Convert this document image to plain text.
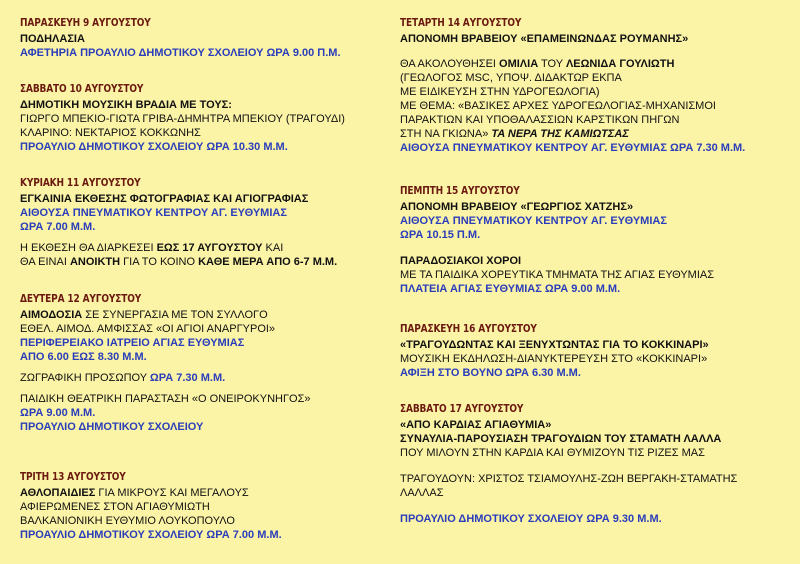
ΠΑΡΑΣΚΕΥΗ 9 ΑΥΓΟΥΣΤΟΥ
ΠΟΔΗΛΑΣΙΑ
ΑΦΕΤΗΡΙΑ ΠΡΟΑΥΛΙΟ ΔΗΜΟΤΙΚΟΥ ΣΧΟΛΕΙΟΥ ΩΡΑ 9.00 Π.Μ.
ΣΑΒΒΑΤΟ 10 ΑΥΓΟΥΣΤΟΥ
ΔΗΜΟΤΙΚΗ ΜΟΥΣΙΚΗ ΒΡΑΔΙΑ ΜΕ ΤΟΥΣ:
ΓΙΩΡΓΟ ΜΠΕΚΙΟ-ΓΙΩΤΑ ΓΡΙΒΑ-ΔΗΜΗΤΡΑ ΜΠΕΚΙΟΥ (ΤΡΑΓΟΥΔΙ)
ΚΛΑΡΙΝΟ: ΝΕΚΤΑΡΙΟΣ ΚΟΚΚΩΝΗΣ
ΠΡΟΑΥΛΙΟ ΔΗΜΟΤΙΚΟΥ ΣΧΟΛΕΙΟΥ ΩΡΑ 10.30 Μ.Μ.
ΚΥΡΙΑΚΗ 11 ΑΥΓΟΥΣΤΟΥ
ΕΓΚΑΙΝΙΑ ΕΚΘΕΣΗΣ ΦΩΤΟΓΡΑΦΙΑΣ ΚΑΙ ΑΓΙΟΓΡΑΦΙΑΣ
ΑΙΘΟΥΣΑ ΠΝΕΥΜΑΤΙΚΟΥ ΚΕΝΤΡΟΥ ΑΓ. ΕΥΘΥΜΙΑΣ
ΩΡΑ 7.00 Μ.Μ.
Η ΕΚΘΕΣΗ ΘΑ ΔΙΑΡΚΕΣΕΙ ΕΩΣ 17 ΑΥΓΟΥΣΤΟΥ ΚΑΙ
ΘΑ ΕΙΝΑΙ ΑΝΟΙΚΤΗ ΓΙΑ ΤΟ ΚΟΙΝΟ ΚΑΘΕ ΜΕΡΑ ΑΠΟ 6-7 Μ.Μ.
ΔΕΥΤΕΡΑ 12 ΑΥΓΟΥΣΤΟΥ
ΑΙΜΟΔΟΣΙΑ ΣΕ ΣΥΝΕΡΓΑΣΙΑ ΜΕ ΤΟΝ ΣΥΛΛΟΓΟ
ΕΘΕΛ. ΑΙΜΟΔ. ΑΜΦΙΣΣΑΣ «ΟΙ ΑΓΙΟΙ ΑΝΑΡΓΥΡΟΙ»
ΠΕΡΙΦΕΡΕΙΑΚΟ ΙΑΤΡΕΙΟ ΑΓΙΑΣ ΕΥΘΥΜΙΑΣ
ΑΠΟ 6.00 ΕΩΣ 8.30 Μ.Μ.
ΖΩΓΡΑΦΙΚΗ ΠΡΟΣΩΠΟΥ ΩΡΑ 7.30 Μ.Μ.
ΠΑΙΔΙΚΗ ΘΕΑΤΡΙΚΗ ΠΑΡΑΣΤΑΣΗ «Ο ΟΝΕΙΡΟΚΥΝΗΓΟΣ»
ΩΡΑ 9.00 Μ.Μ.
ΠΡΟΑΥΛΙΟ ΔΗΜΟΤΙΚΟΥ ΣΧΟΛΕΙΟΥ
ΤΡΙΤΗ 13 ΑΥΓΟΥΣΤΟΥ
ΑΘΛΟΠΑΙΔΙΕΣ ΓΙΑ ΜΙΚΡΟΥΣ ΚΑΙ ΜΕΓΑΛΟΥΣ
ΑΦΙΕΡΩΜΕΝΕΣ ΣΤΟΝ ΑΓΙΑΘΥΜΙΩΤΗ
ΒΑΛΚΑΝΙΟΝΙΚΗ ΕΥΘΥΜΙΟ ΛΟΥΚΟΠΟΥΛΟ
ΠΡΟΑΥΛΙΟ ΔΗΜΟΤΙΚΟΥ ΣΧΟΛΕΙΟΥ ΩΡΑ 7.00 Μ.Μ.
ΤΕΤΑΡΤΗ 14 ΑΥΓΟΥΣΤΟΥ
ΑΠΟΝΟΜΗ ΒΡΑΒΕΙΟΥ «ΕΠΑΜΕΙΝΩΝΔΑΣ ΡΟΥΜΑΝΗΣ»
ΘΑ ΑΚΟΛΟΥΘΗΣΕΙ ΟΜΙΛΙΑ ΤΟΥ ΛΕΩΝΙΔΑ ΓΟΥΛΙΩΤΗ
(ΓΕΩΛΟΓΟΣ MSC, ΥΠΟΨ. ΔΙΔΑΚΤΩΡ ΕΚΠΑ
ΜΕ ΕΙΔΙΚΕΥΣΗ ΣΤΗΝ ΥΔΡΟΓΕΩΛΟΓΙΑ)
ΜΕ ΘΕΜΑ: «ΒΑΣΙΚΕΣ ΑΡΧΕΣ ΥΔΡΟΓΕΩΛΟΓΙΑΣ-ΜΗΧΑΝΙΣΜΟΙ
ΠΑΡΑΚΤΙΩΝ ΚΑΙ ΥΠΟΘΑΛΑΣΣΙΩΝ ΚΑΡΣΤΙΚΩΝ ΠΗΓΩΝ
ΣΤΗ ΝΑ ΓΚΙΩΝΑ» ΤΑ ΝΕΡΑ ΤΗΣ ΚΑΜΙΩΤΣΑΣ
ΑΙΘΟΥΣΑ ΠΝΕΥΜΑΤΙΚΟΥ ΚΕΝΤΡΟΥ ΑΓ. ΕΥΘΥΜΙΑΣ ΩΡΑ 7.30 Μ.Μ.
ΠΕΜΠΤΗ 15 ΑΥΓΟΥΣΤΟΥ
ΑΠΟΝΟΜΗ ΒΡΑΒΕΙΟΥ «ΓΕΩΡΓΙΟΣ ΧΑΤΖΗΣ»
ΑΙΘΟΥΣΑ ΠΝΕΥΜΑΤΙΚΟΥ ΚΕΝΤΡΟΥ ΑΓ. ΕΥΘΥΜΙΑΣ
ΩΡΑ 10.15 Π.Μ.
ΠΑΡΑΔΟΣΙΑΚΟΙ ΧΟΡΟΙ
ΜΕ ΤΑ ΠΑΙΔΙΚΑ ΧΟΡΕΥΤΙΚΑ ΤΜΗΜΑΤΑ ΤΗΣ ΑΓΙΑΣ ΕΥΘΥΜΙΑΣ
ΠΛΑΤΕΙΑ ΑΓΙΑΣ ΕΥΘΥΜΙΑΣ ΩΡΑ 9.00 Μ.Μ.
ΠΑΡΑΣΚΕΥΗ 16 ΑΥΓΟΥΣΤΟΥ
«ΤΡΑΓΟΥΔΩΝΤΑΣ ΚΑΙ ΞΕΝΥΧΤΩΝΤΑΣ ΓΙΑ ΤΟ ΚΟΚΚΙΝΑΡΙ»
ΜΟΥΣΙΚΗ ΕΚΔΗΛΩΣΗ-ΔΙΑΝΥΚΤΕΡΕΥΣΗ ΣΤΟ «ΚΟΚΚΙΝΑΡΙ»
ΑΦΙΞΗ ΣΤΟ ΒΟΥΝΟ ΩΡΑ 6.30 Μ.Μ.
ΣΑΒΒΑΤΟ 17 ΑΥΓΟΥΣΤΟΥ
«ΑΠΟ ΚΑΡΔΙΑΣ ΑΓΙΑΘΥΜΙΑ»
ΣΥΝΑΥΛΙΑ-ΠΑΡΟΥΣΙΑΣΗ ΤΡΑΓΟΥΔΙΩΝ ΤΟΥ ΣΤΑΜΑΤΗ ΛΑΛΛΑ
ΠΟΥ ΜΙΛΟΥΝ ΣΤΗΝ ΚΑΡΔΙΑ ΚΑΙ ΘΥΜΙΖΟΥΝ ΤΙΣ ΡΙΖΕΣ ΜΑΣ
ΤΡΑΓΟΥΔΟΥΝ: ΧΡΙΣΤΟΣ ΤΣΙΑΜΟΥΛΗΣ-ΖΩΗ ΒΕΡΓΑΚΗ-ΣΤΑΜΑΤΗΣ
ΛΑΛΛΑΣ
ΠΡΟΑΥΛΙΟ ΔΗΜΟΤΙΚΟΥ ΣΧΟΛΕΙΟΥ ΩΡΑ 9.30 Μ.Μ.
